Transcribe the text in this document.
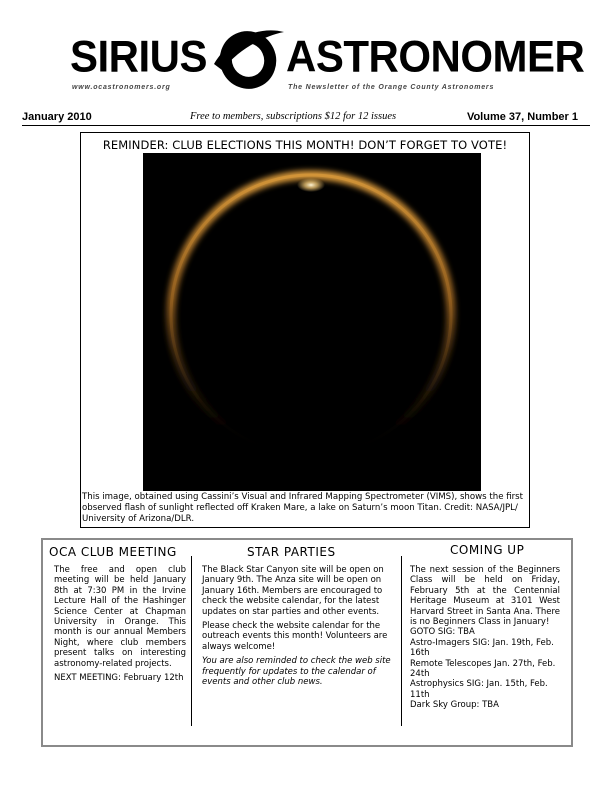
SIRIUS ASTRONOMER
www.ocastronomers.org	The Newsletter of the Orange County Astronomers
January 2010	Free to members, subscriptions $12 for 12 issues	Volume 37, Number 1
REMINDER: CLUB ELECTIONS THIS MONTH! DON’T FORGET TO VOTE!
This image, obtained using Cassini’s Visual and Infrared Mapping Spectrometer (VIMS), shows the first observed flash of sunlight reflected off Kraken Mare, a lake on Saturn’s moon Titan. Credit: NASA/JPL/ University of Arizona/DLR.
OCA CLUB MEETING

The free and open club meeting will be held January 8th at 7:30 PM in the Irvine Lecture Hall of the Hashinger Science Center at Chapman University in Orange. This month is our annual Members Night, where club members present talks on interesting astronomy-related projects.

NEXT MEETING: February 12th

STAR PARTIES

The Black Star Canyon site will be open on January 9th. The Anza site will be open on January 16th. Members are encouraged to check the website calendar, for the latest updates on star parties and other events.

Please check the website calendar for the outreach events this month! Volunteers are always welcome!

You are also reminded to check the web site frequently for updates to the calendar of events and other club news.

COMING UP
The next session of the Beginners Class will be held on Friday, February 5th at the Centennial Heritage Museum at 3101 West Harvard Street in Santa Ana. There is no Beginners Class in January!
GOTO SIG: TBA
Astro-Imagers SIG: Jan. 19th, Feb. 16th
Remote Telescopes Jan. 27th, Feb. 24th
Astrophysics SIG: Jan. 15th, Feb. 11th
Dark Sky Group: TBA
